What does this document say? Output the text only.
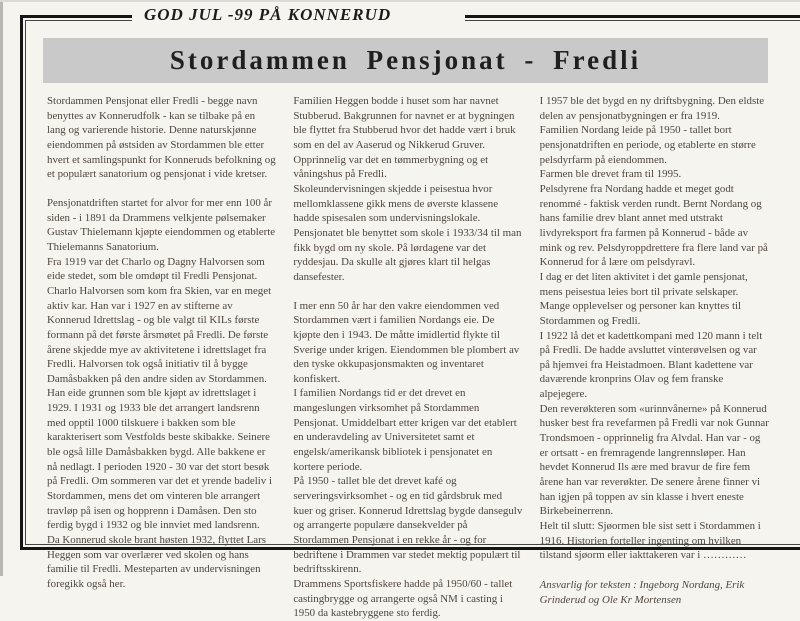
GOD JUL -99 PÅ KONNERUD
Stordammen Pensjonat - Fredli

Stordammen Pensjonat eller Fredli - begge navn benyttes av Konnerudfolk - kan se tilbake på en lang og varierende historie. Denne naturskjønne eiendommen på østsiden av Stordammen ble etter hvert et samlingspunkt for Konneruds befolkning og et populært sanatorium og pensjonat i vide kretser.

Pensjonatdriften startet for alvor for mer enn 100 år siden - i 1891 da Drammens velkjente pølsemaker Gustav Thielemann kjøpte eiendommen og etablerte Thielemanns Sanatorium.

Fra 1919 var det Charlo og Dagny Halvorsen som eide stedet, som ble omdøpt til Fredli Pensjonat. Charlo Halvorsen som kom fra Skien, var en meget aktiv kar. Han var i 1927 en av stifterne av Konnerud Idrettslag - og ble valgt til KILs første formann på det første årsmøtet på Fredli. De første årene skjedde mye av aktivitetene i idrettslaget fra Fredli. Halvorsen tok også initiativ til å bygge Damåsbakken på den andre siden av Stordammen. Han eide grunnen som ble kjøpt av idrettslaget i 1929. I 1931 og 1933 ble det arrangert landsrenn med opptil 1000 tilskuere i bakken som ble karakterisert som Vestfolds beste skibakke. Seinere ble også lille Damåsbakken bygd. Alle bakkene er nå nedlagt. I perioden 1920 - 30 var det stort besøk på Fredli. Om sommeren var det et yrende badeliv i Stordammen, mens det om vinteren ble arrangert travløp på isen og hopprenn i Damåsen. Den sto ferdig bygd i 1932 og ble innviet med landsrenn.

Da Konnerud skole brant høsten 1932, flyttet Lars Heggen som var overlærer ved skolen og hans familie til Fredli. Mesteparten av undervisningen foregikk også her.

Familien Heggen bodde i huset som har navnet Stubberud. Bakgrunnen for navnet er at bygningen ble flyttet fra Stubberud hvor det hadde vært i bruk som en del av Aaserud og Nikkerud Gruver.

Opprinnelig var det en tømmerbygning og et våningshus på Fredli.

Skoleundervisningen skjedde i peisestua hvor mellomklassene gikk mens de øverste klassene hadde spisesalen som undervisningslokale. Pensjonatet ble benyttet som skole i 1933/34 til man fikk bygd om ny skole. På lørdagene var det ryddesjau. Da skulle alt gjøres klart til helgas dansefester.

I mer enn 50 år har den vakre eiendommen ved Stordammen vært i familien Nordangs eie. De kjøpte den i 1943. De måtte imidlertid flykte til Sverige under krigen. Eiendommen ble plombert av den tyske okkupasjonsmakten og inventaret konfiskert.

I familien Nordangs tid er det drevet en mangeslungen virksomhet på Stordammen Pensjonat. Umiddelbart etter krigen var det etablert en underavdeling av Universitetet samt et engelsk/amerikansk bibliotek i pensjonatet en kortere periode.

På 1950 - tallet ble det drevet kafé og serveringsvirksomhet - og en tid gårdsbruk med kuer og griser. Konnerud Idrettslag bygde dansegulv og arrangerte populære dansekvelder på Stordammen Pensjonat i en rekke år - og for bedriftene i Drammen var stedet mektig populært til bedriftsskirenn.

Drammens Sportsfiskere hadde på 1950/60 - tallet castingbrygge og arrangerte også NM i casting i 1950 da kastebryggene sto ferdig.

I 1957 ble det bygd en ny driftsbygning. Den eldste delen av pensjonatbygningen er fra 1919.

Familien Nordang leide på 1950 - tallet bort pensjonatdriften en periode, og etablerte en større pelsdyrfarm på eiendommen.

Farmen ble drevet fram til 1995.

Pelsdyrene fra Nordang hadde et meget godt renommé - faktisk verden rundt. Bernt Nordang og hans familie drev blant annet med utstrakt livdyreksport fra farmen på Konnerud - både av mink og rev. Pelsdyroppdrettere fra flere land var på Konnerud for å lære om pelsdyravl.

I dag er det liten aktivitet i det gamle pensjonat, mens peisestua leies bort til private selskaper.

Mange opplevelser og personer kan knyttes til Stordammen og Fredli.

I 1922 lå det et kadettkompani med 120 mann i telt på Fredli. De hadde avsluttet vinterøvelsen og var på hjemvei fra Heistadmoen. Blant kadettene var daværende kronprins Olav og fem franske alpejegere.

Den reverøkteren som «urinnvånerne» på Konnerud husker best fra revefarmen på Fredli var nok Gunnar Trondsmoen - opprinnelig fra Alvdal. Han var - og er ortsatt - en fremragende langrennsløper. Han hevdet Konnerud Ils ære med bravur de fire fem årene han var reverøkter. De senere årene finner vi han igjen på toppen av sin klasse i hvert eneste Birkebeinerrenn.

Helt til slutt: Sjøormen ble sist sett i Stordammen i 1916. Historien forteller ingenting om hvilken tilstand sjøorm eller iakttakeren var i …………

Ansvarlig for teksten : Ingeborg Nordang, Erik Grinderud og Ole Kr Mortensen
